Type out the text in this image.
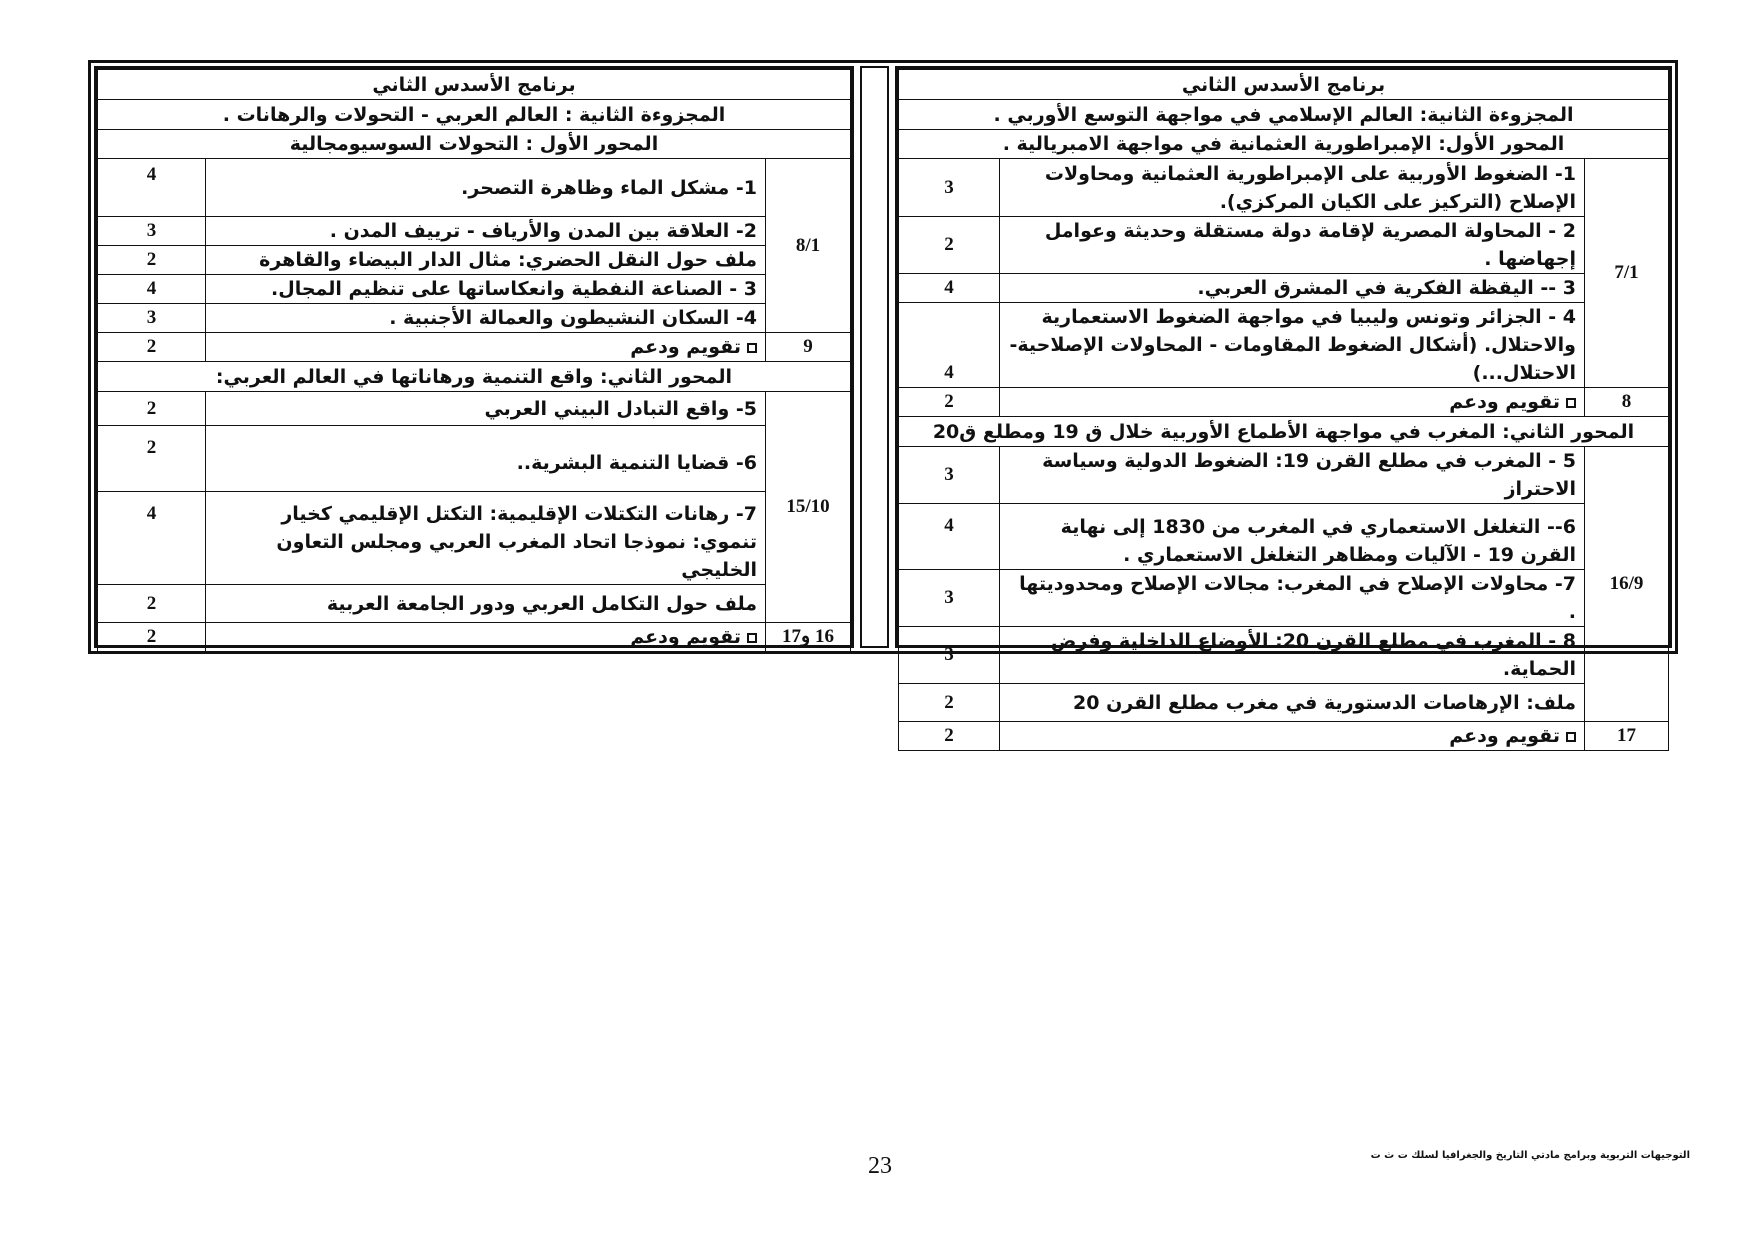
برنامج الأسدس الثاني		
المجزوءة الثانية: العالم الإسلامي في مواجهة التوسع الأوربي .		
المحور الأول: الإمبراطورية العثمانية في مواجهة الامبريالية .		
7/1	1- الضغوط الأوربية على الإمبراطورية العثمانية ومحاولات الإصلاح (التركيز على الكيان المركزي).	3
	2 - المحاولة المصرية لإقامة دولة مستقلة وحديثة وعوامل إجهاضها .	2
	3 -- اليقظة الفكرية في المشرق العربي.	4
	4 - الجزائر وتونس وليبيا في مواجهة الضغوط الاستعمارية والاحتلال. (أشكال الضغوط المقاومات - المحاولات الإصلاحية- الاحتلال...)	4
8	تقويم ودعم	2
المحور الثاني: المغرب في مواجهة الأطماع الأوربية خلال ق 19 ومطلع ق20		
16/9	5 - المغرب في مطلع القرن 19: الضغوط الدولية وسياسة الاحتراز	3
	6-- التغلغل الاستعماري في المغرب من 1830 إلى نهاية القرن 19 - الآليات ومظاهر التغلغل الاستعماري .	4
	7- محاولات الإصلاح في المغرب: مجالات الإصلاح ومحدوديتها .	3
	8 - المغرب في مطلع القرن 20: الأوضاع الداخلية وفرض الحماية.	3
	ملف: الإرهاصات الدستورية في مغرب مطلع القرن 20	2
17	تقويم ودعم	2
برنامج الأسدس الثاني		
المجزوءة الثانية : العالم العربي - التحولات والرهانات .		
المحور الأول : التحولات السوسيومجالية		
8/1	1- مشكل الماء وظاهرة التصحر.	4
	2- العلاقة بين المدن والأرياف - ترييف المدن .	3
	ملف حول النقل الحضري: مثال الدار البيضاء والقاهرة	2
	3 - الصناعة النفطية وانعكاساتها على تنظيم المجال.	4
	4- السكان النشيطون والعمالة الأجنبية .	3
9	تقويم ودعم	2
المحور الثاني: واقع التنمية ورهاناتها في العالم العربي:		
15/10	5- واقع التبادل البيني العربي	2
	6- قضايا التنمية البشرية..	2
	7- رهانات التكتلات الإقليمية: التكتل الإقليمي كخيار تنموي: نموذجا اتحاد المغرب العربي ومجلس التعاون الخليجي	4
	ملف حول التكامل العربي ودور الجامعة العربية	2
16 و17	تقويم ودعم	2
23	التوجيهات التربوية وبرامج مادتي التاريخ والجغرافيا لسلك ت ث ت
